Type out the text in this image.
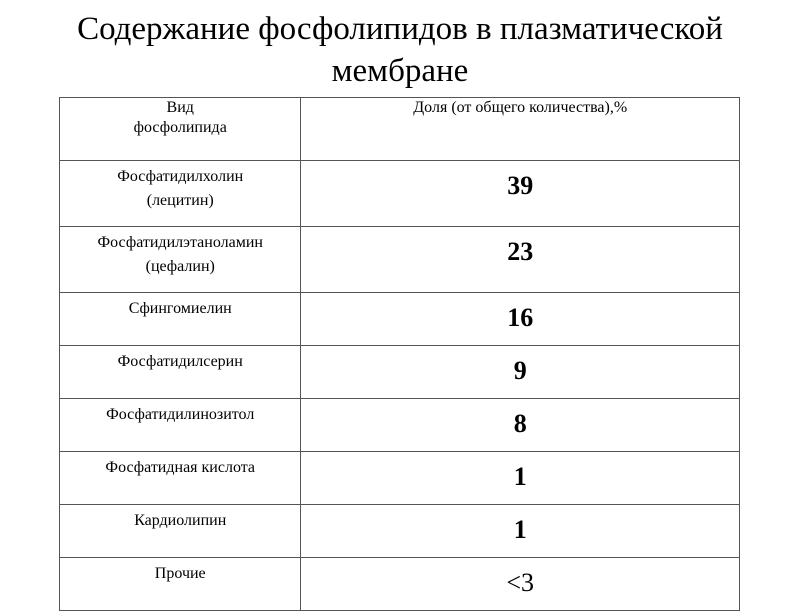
Содержание фосфолипидов в плазматической
мембране
Вид
фосфолипида	Доля (от общего количества),%

Фосфатидилхолин
(лецитин)	39

Фосфатидилэтаноламин
(цефалин)	23

Сфингомиелин	16

Фосфатидилсерин	9

Фосфатидилинозитол	8

Фосфатидная кислота	1

Кардиолипин	1

Прочие	<3
